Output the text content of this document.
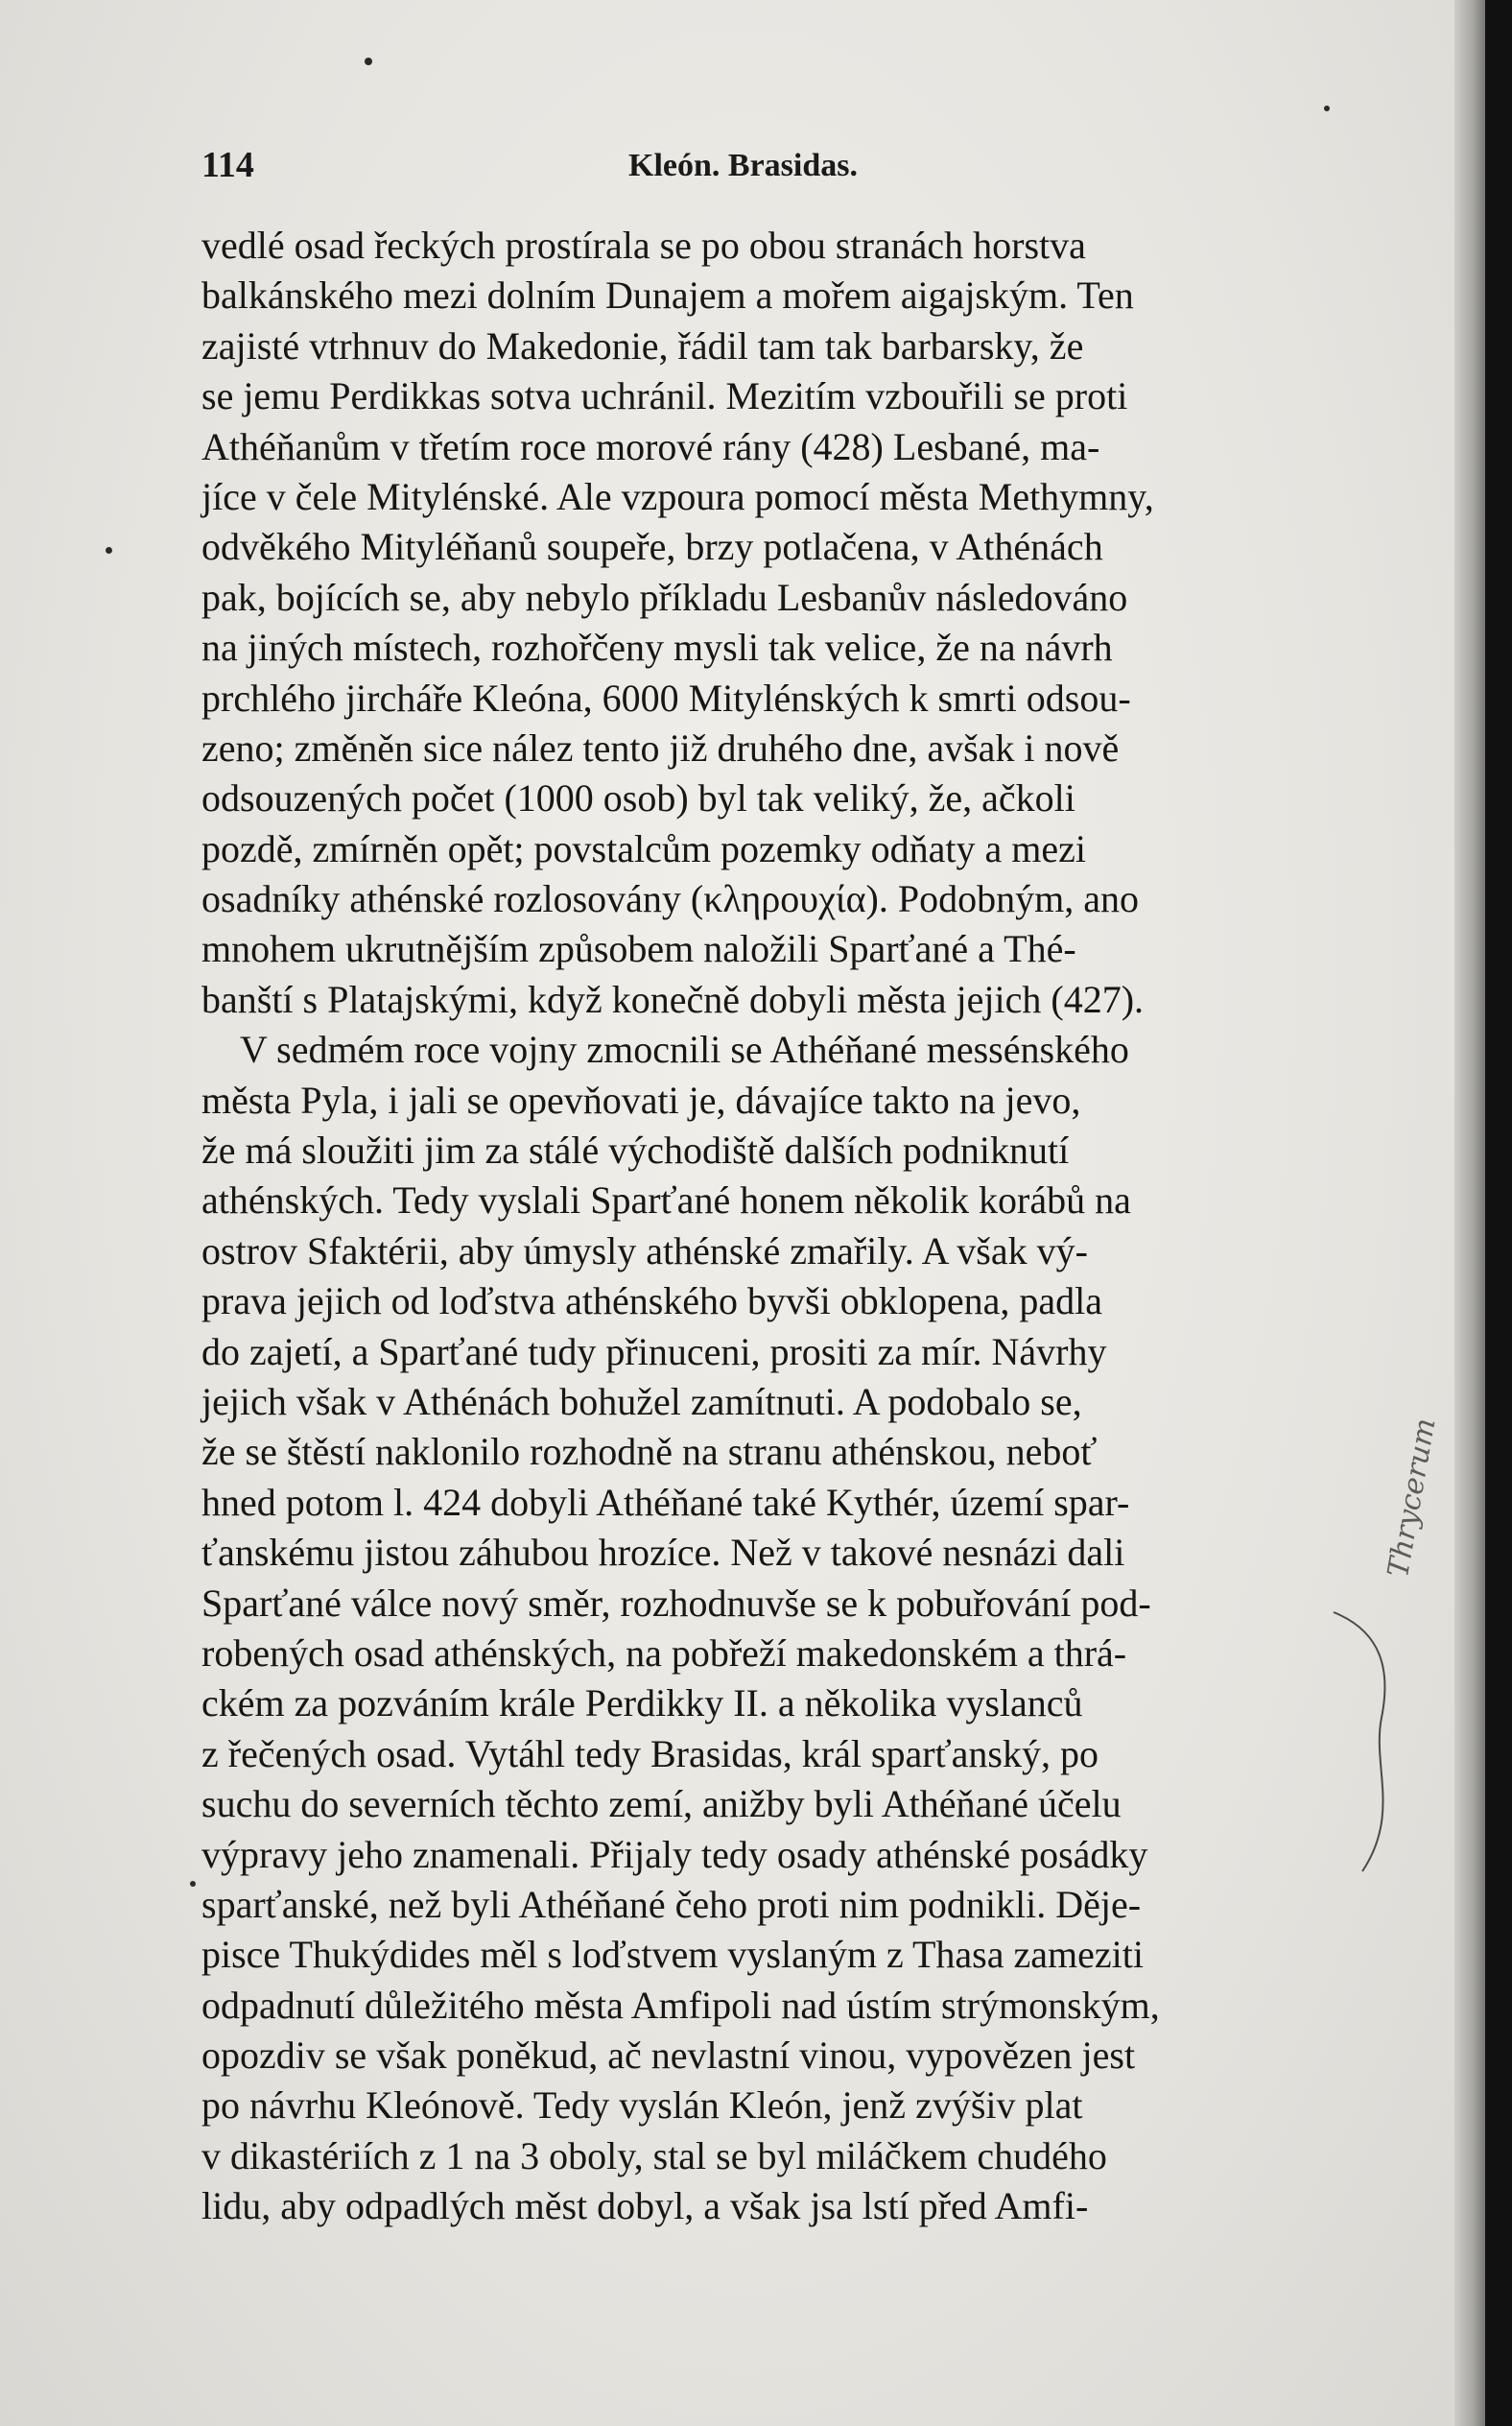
114	Kleón. Brasidas.
vedlé osad řeckých prostírala se po obou stranách horstva
balkánského mezi dolním Dunajem a mořem aigajským. Ten
zajisté vtrhnuv do Makedonie, řádil tam tak barbarsky, že
se jemu Perdikkas sotva uchránil. Mezitím vzbouřili se proti
Athéňanům v třetím roce morové rány (428) Lesbané, ma-
jíce v čele Mitylénské. Ale vzpoura pomocí města Methymny,
odvěkého Mityléňanů soupeře, brzy potlačena, v Athénách
pak, bojících se, aby nebylo příkladu Lesbanův následováno
na jiných místech, rozhořčeny mysli tak velice, že na návrh
prchlého jircháře Kleóna, 6000 Mitylénských k smrti odsou-
zeno; změněn sice nález tento již druhého dne, avšak i nově
odsouzených počet (1000 osob) byl tak veliký, že, ačkoli
pozdě, zmírněn opět; povstalcům pozemky odňaty a mezi
osadníky athénské rozlosovány (κληρουχία). Podobným, ano
mnohem ukrutnějším způsobem naložili Sparťané a Thé-
banští s Platajskými, když konečně dobyli města jejich (427).
V sedmém roce vojny zmocnili se Athéňané messénského
města Pyla, i jali se opevňovati je, dávajíce takto na jevo,
že má sloužiti jim za stálé východiště dalších podniknutí
athénských. Tedy vyslali Sparťané honem několik korábů na
ostrov Sfaktérii, aby úmysly athénské zmařily. A však vý-
prava jejich od loďstva athénského byvši obklopena, padla
do zajetí, a Sparťané tudy přinuceni, prositi za mír. Návrhy
jejich však v Athénách bohužel zamítnuti. A podobalo se,
že se štěstí naklonilo rozhodně na stranu athénskou, neboť
hned potom l. 424 dobyli Athéňané také Kythér, území spar-
ťanskému jistou záhubou hrozíce. Než v takové nesnázi dali
Sparťané válce nový směr, rozhodnuvše se k pobuřování pod-
robených osad athénských, na pobřeží makedonském a thrá-
ckém za pozváním krále Perdikky II. a několika vyslanců
z řečených osad. Vytáhl tedy Brasidas, král sparťanský, po
suchu do severních těchto zemí, anižby byli Athéňané účelu
výpravy jeho znamenali. Přijaly tedy osady athénské posádky
sparťanské, než byli Athéňané čeho proti nim podnikli. Děje-
pisce Thukýdides měl s loďstvem vyslaným z Thasa zameziti
odpadnutí důležitého města Amfipoli nad ústím strýmonským,
opozdiv se však poněkud, ač nevlastní vinou, vypovězen jest
po návrhu Kleónově. Tedy vyslán Kleón, jenž zvýšiv plat
v dikastériích z 1 na 3 oboly, stal se byl miláčkem chudého
lidu, aby odpadlých měst dobyl, a však jsa lstí před Amfi-
Thrycerum
